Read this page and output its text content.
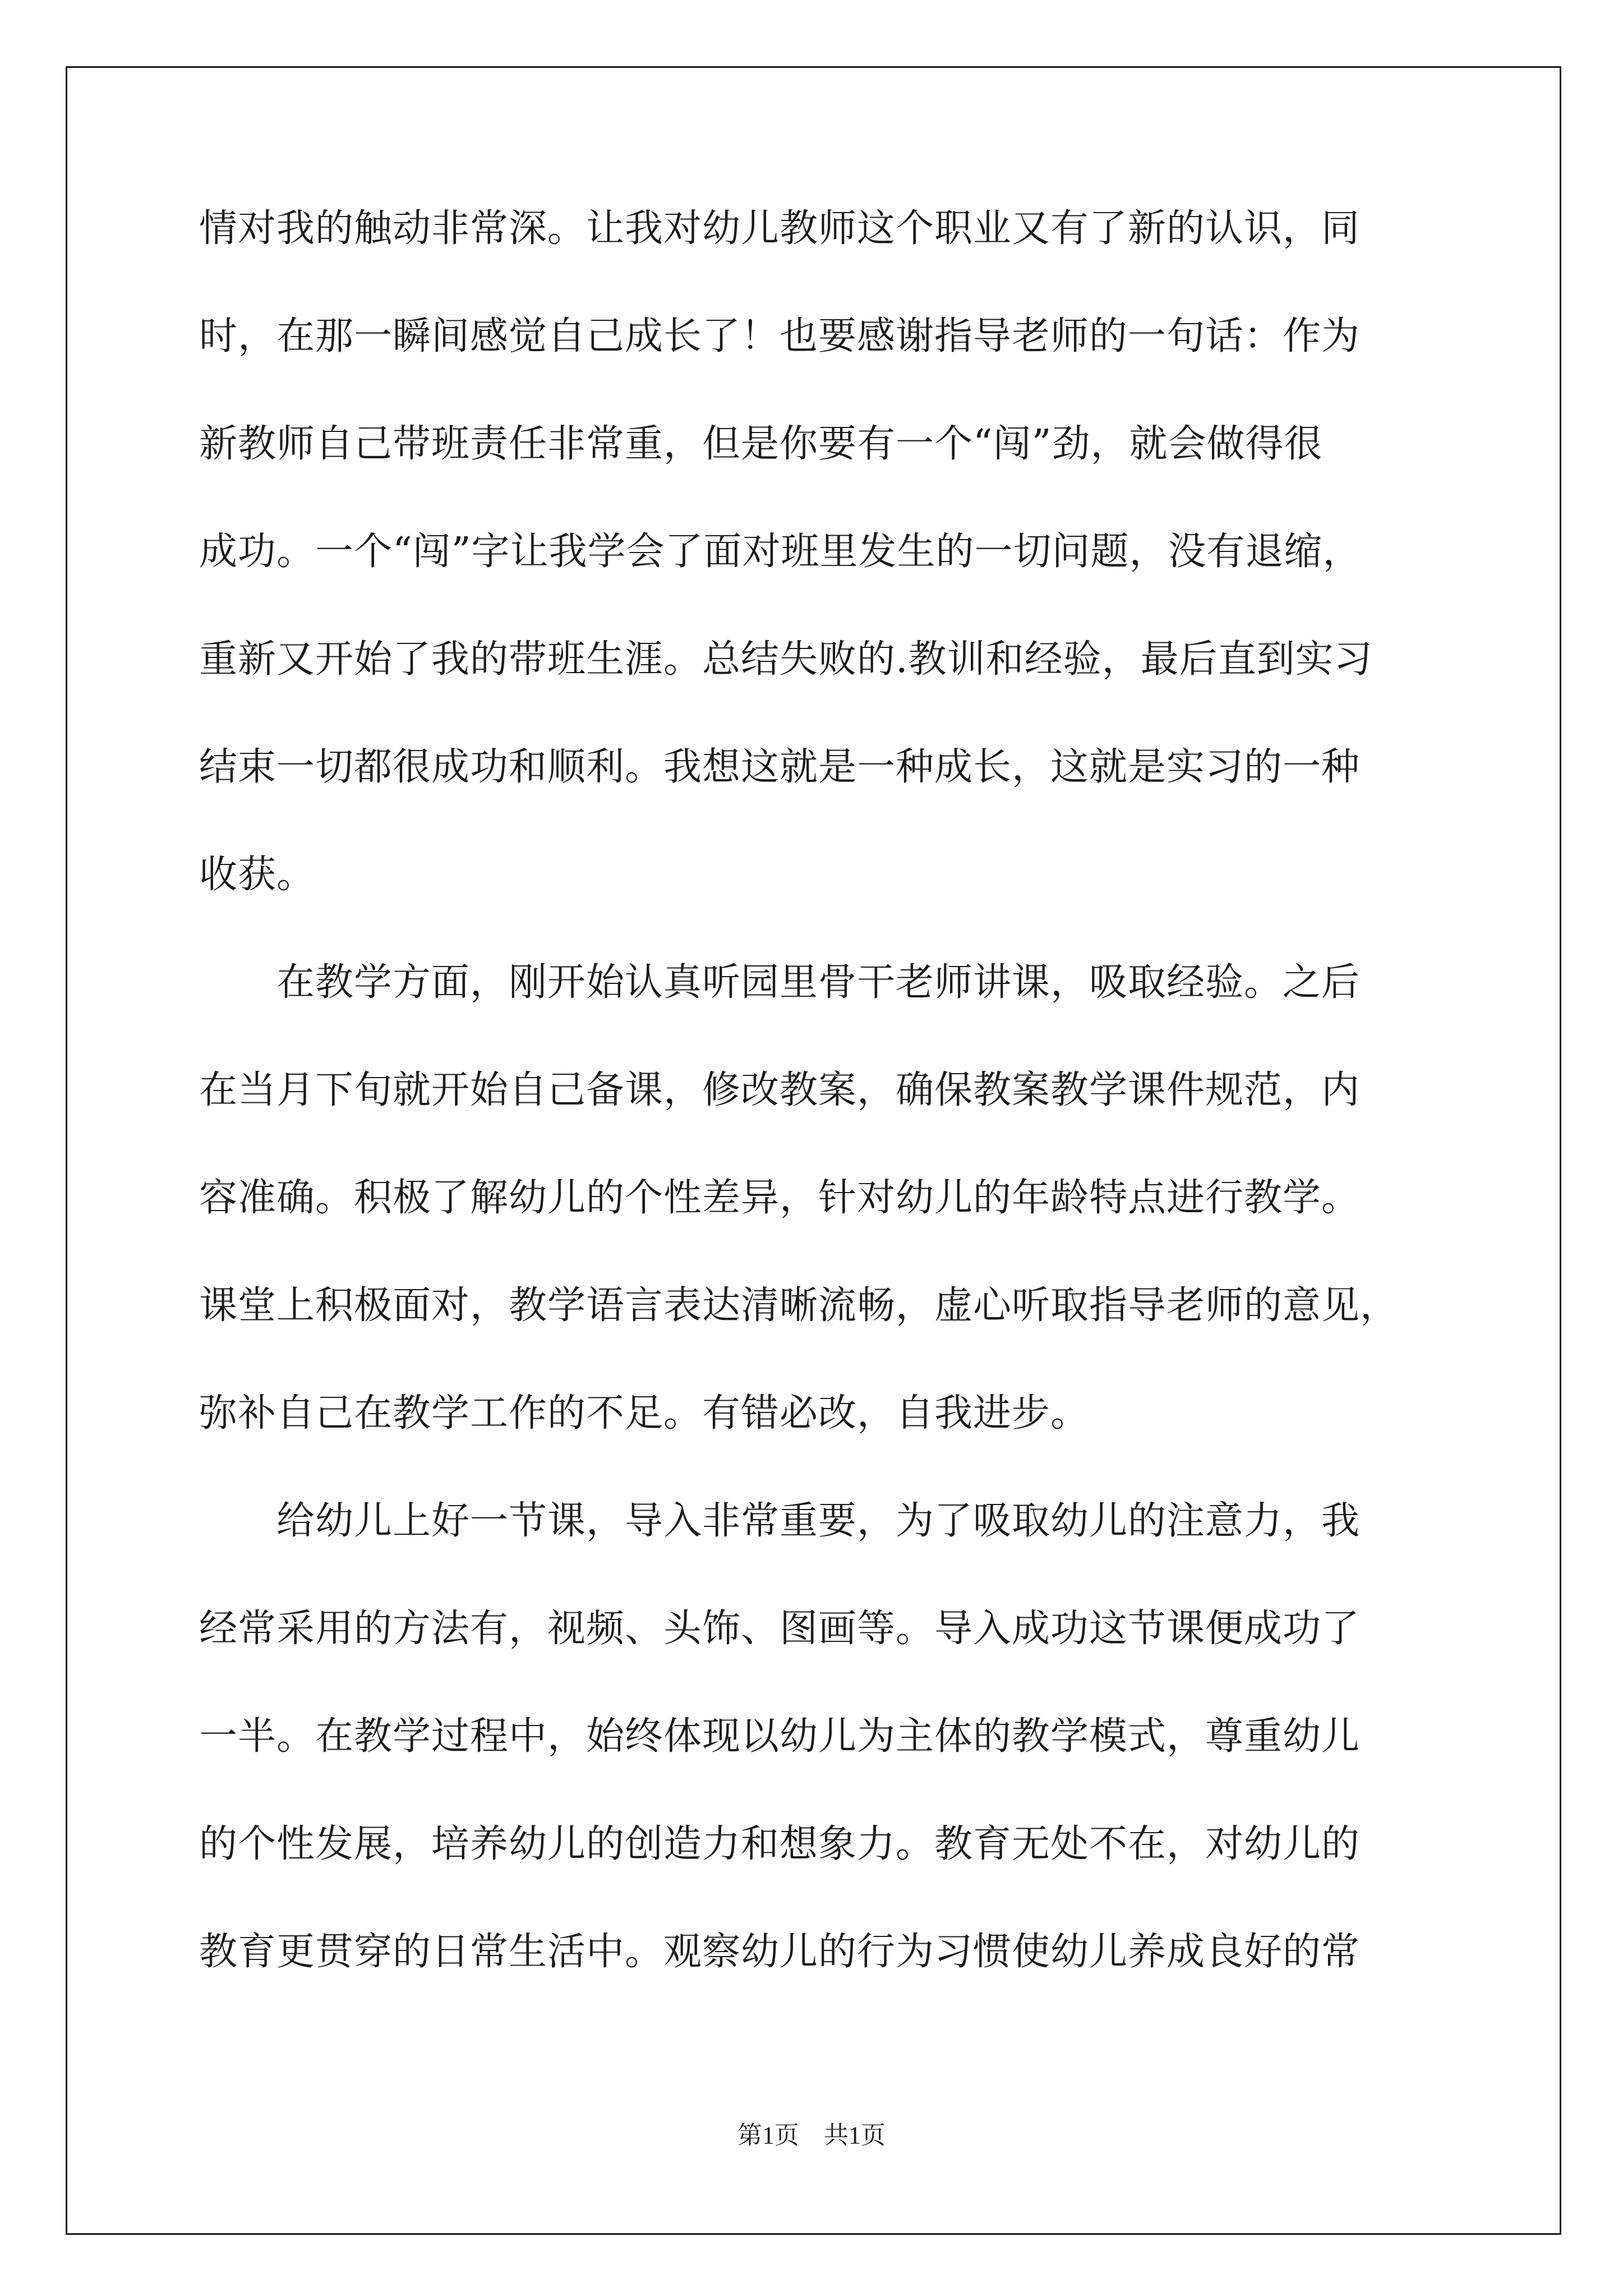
情对我的触动非常深。让我对幼儿教师这个职业又有了新的认识，同
时，在那一瞬间感觉自己成长了！也要感谢指导老师的一句话：作为
新教师自己带班责任非常重，但是你要有一个“闯”劲，就会做得很
成功。一个“闯”字让我学会了面对班里发生的一切问题，没有退缩，
重新又开始了我的带班生涯。总结失败的.教训和经验，最后直到实习
结束一切都很成功和顺利。我想这就是一种成长，这就是实习的一种
收获。
　　在教学方面，刚开始认真听园里骨干老师讲课，吸取经验。之后
在当月下旬就开始自己备课，修改教案，确保教案教学课件规范，内
容准确。积极了解幼儿的个性差异，针对幼儿的年龄特点进行教学。
课堂上积极面对，教学语言表达清晰流畅，虚心听取指导老师的意见，
弥补自己在教学工作的不足。有错必改，自我进步。
　　给幼儿上好一节课，导入非常重要，为了吸取幼儿的注意力，我
经常采用的方法有，视频、头饰、图画等。导入成功这节课便成功了
一半。在教学过程中，始终体现以幼儿为主体的教学模式，尊重幼儿
的个性发展，培养幼儿的创造力和想象力。教育无处不在，对幼儿的
教育更贯穿的日常生活中。观察幼儿的行为习惯使幼儿养成良好的常
第1页　共1页
